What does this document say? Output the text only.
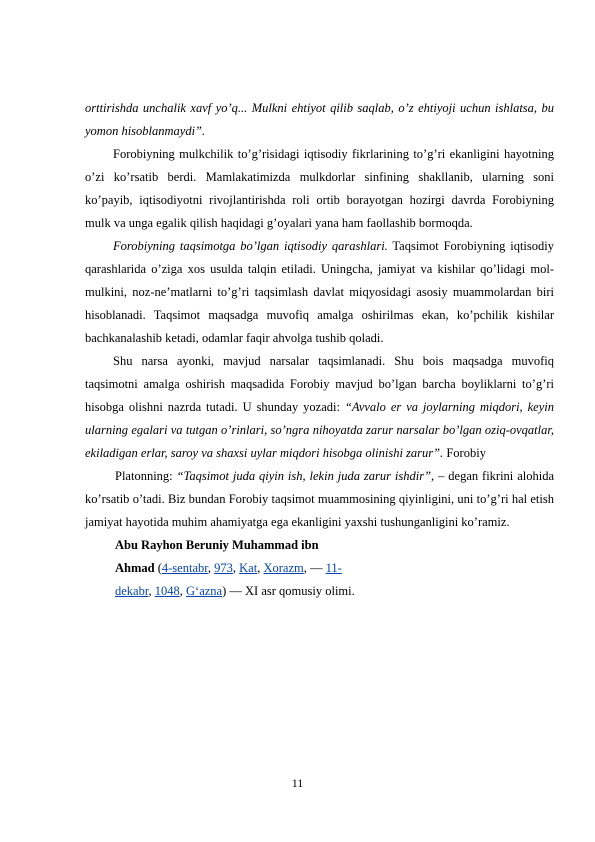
orttirishda unchalik xavf yo’q... Mulkni ehtiyot qilib saqlab, o’z ehtiyoji uchun ishlatsa, bu yomon hisoblanmaydi”.

Forobiyning mulkchilik to’g’risidagi iqtisodiy fikrlarining to’g’ri ekanligini hayotning o’zi ko’rsatib berdi. Mamlakatimizda mulkdorlar sinfining shakllanib, ularning soni ko’payib, iqtisodiyotni rivojlantirishda roli ortib borayotgan hozirgi davrda Forobiyning mulk va unga egalik qilish haqidagi g’oyalari yana ham faollashib bormoqda.

Forobiyning taqsimotga bo’lgan iqtisodiy qarashlari. Taqsimot Forobiyning iqtisodiy qarashlarida o’ziga xos usulda talqin etiladi. Uningcha, jamiyat va kishilar qo’lidagi mol-mulkini, noz-ne’matlarni to’g’ri taqsimlash davlat miqyosidagi asosiy muammolardan biri hisoblanadi. Taqsimot maqsadga muvofiq amalga oshirilmas ekan, ko’pchilik kishilar bachkanalashib ketadi, odamlar faqir ahvolga tushib qoladi.

Shu narsa ayonki, mavjud narsalar taqsimlanadi. Shu bois maqsadga muvofiq taqsimotni amalga oshirish maqsadida Forobiy mavjud bo’lgan barcha boyliklarni to’g’ri hisobga olishni nazrda tutadi. U shunday yozadi: “Avvalo er va joylarning miqdori, keyin ularning egalari va tutgan o’rinlari, so’ngra nihoyatda zarur narsalar bo’lgan oziq-ovqatlar, ekiladigan erlar, saroy va shaxsi uylar miqdori hisobga olinishi zarur”. Forobiy

Platonning: “Taqsimot juda qiyin ish, lekin juda zarur ishdir”, – degan fikrini alohida ko’rsatib o’tadi. Biz bundan Forobiy taqsimot muammosining qiyinligini, uni to’g’ri hal etish jamiyat hayotida muhim ahamiyatga ega ekanligini yaxshi tushunganligini ko’ramiz.

Abu Rayhon Beruniy Muhammad ibn

Ahmad (4-sentabr, 973, Kat, Xorazm, — 11-

dekabr, 1048, G‘azna) — XI asr qomusiy olimi.

11
